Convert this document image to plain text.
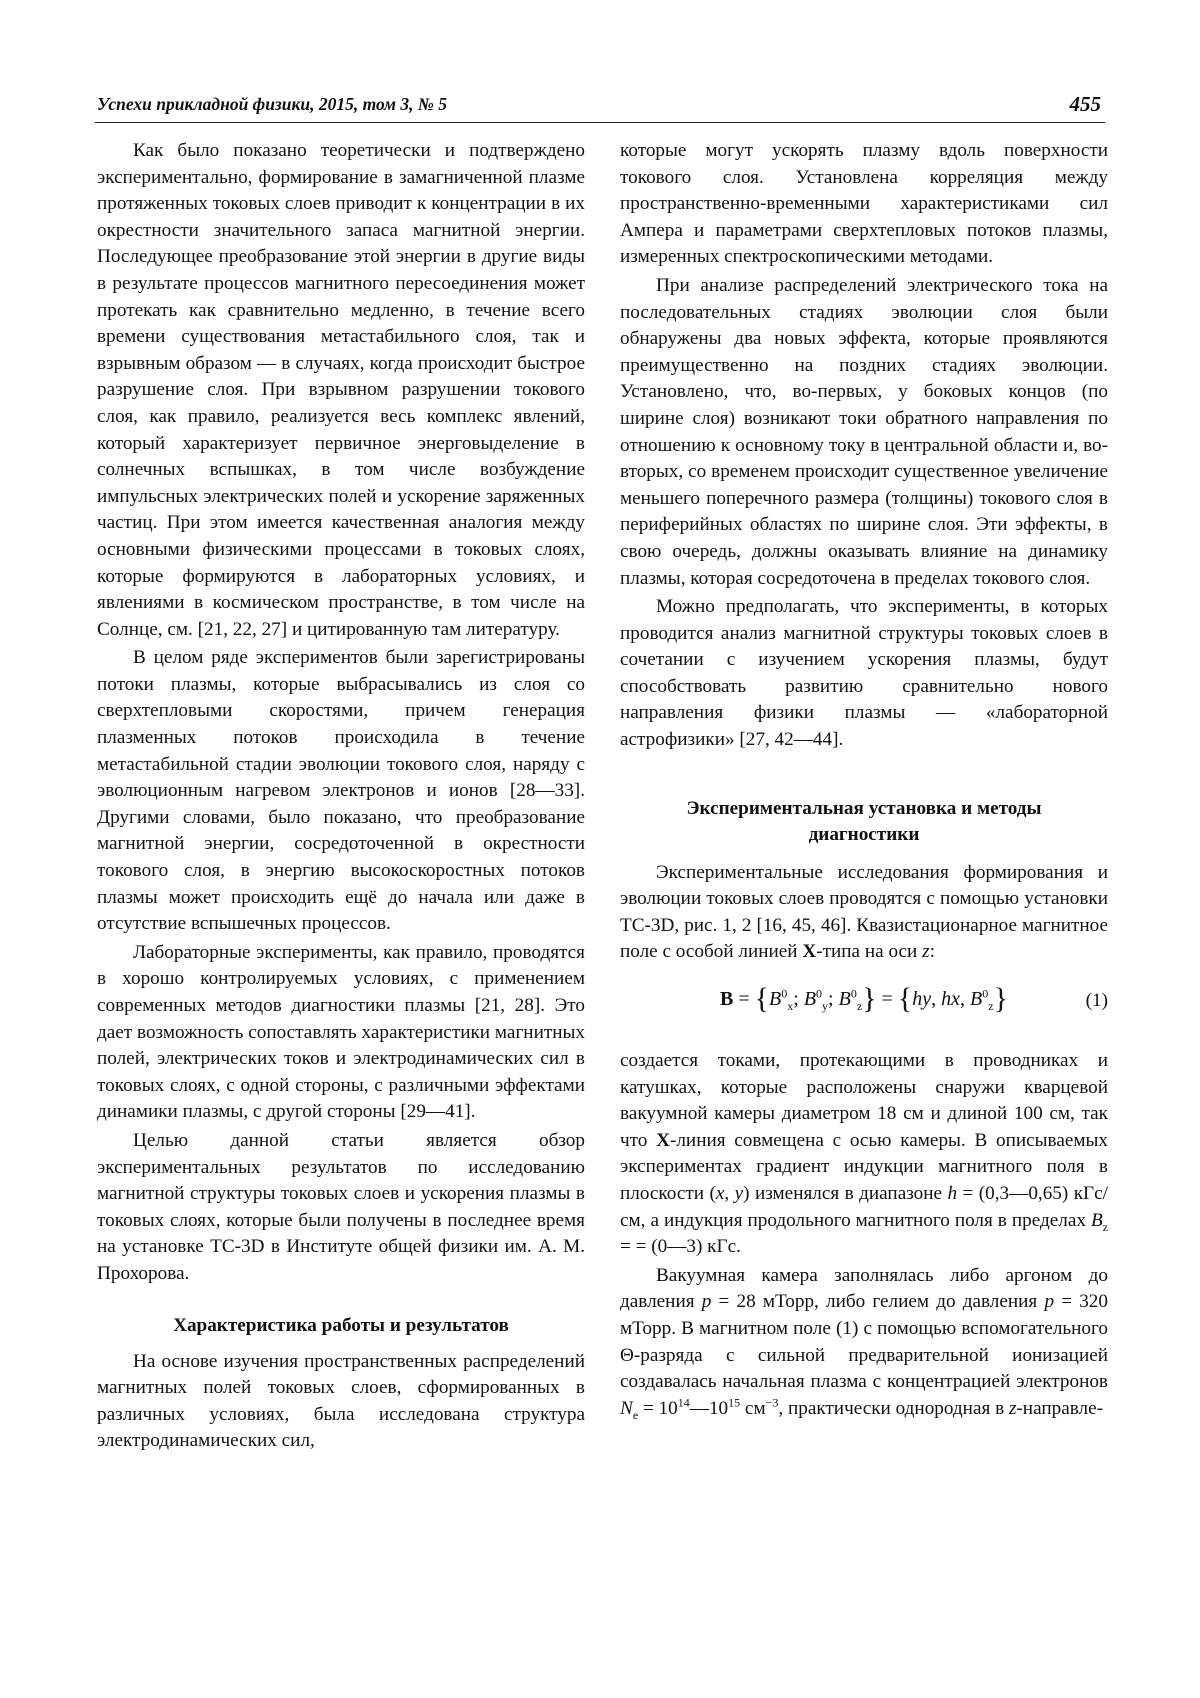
Успехи прикладной физики, 2015, том 3, № 5	455

Как было показано теоретически и подтверждено экспериментально, формирование в замагниченной плазме протяженных токовых слоев приводит к концентрации в их окрестности значительного запаса магнитной энергии. Последующее преобразование этой энергии в другие виды в результате процессов магнитного пересоединения может протекать как сравнительно медленно, в течение всего времени существования метастабильного слоя, так и взрывным образом — в случаях, когда происходит быстрое разрушение слоя. При взрывном разрушении токового слоя, как правило, реализуется весь комплекс явлений, который характеризует первичное энерговыделение в солнечных вспышках, в том числе возбуждение импульсных электрических полей и ускорение заряженных частиц. При этом имеется качественная аналогия между основными физическими процессами в токовых слоях, которые формируются в лабораторных условиях, и явлениями в космическом пространстве, в том числе на Солнце, см. [21, 22, 27] и цитированную там литературу.

В целом ряде экспериментов были зарегистрированы потоки плазмы, которые выбрасывались из слоя со сверхтепловыми скоростями, причем генерация плазменных потоков происходила в течение метастабильной стадии эволюции токового слоя, наряду с эволюционным нагревом электронов и ионов [28—33]. Другими словами, было показано, что преобразование магнитной энергии, сосредоточенной в окрестности токового слоя, в энергию высокоскоростных потоков плазмы может происходить ещё до начала или даже в отсутствие вспышечных процессов.

Лабораторные эксперименты, как правило, проводятся в хорошо контролируемых условиях, с применением современных методов диагностики плазмы [21, 28]. Это дает возможность сопоставлять характеристики магнитных полей, электрических токов и электродинамических сил в токовых слоях, с одной стороны, с различными эффектами динамики плазмы, с другой стороны [29—41].

Целью данной статьи является обзор экспериментальных результатов по исследованию магнитной структуры токовых слоев и ускорения плазмы в токовых слоях, которые были получены в последнее время на установке ТС-3D в Институте общей физики им. А. М. Прохорова.

Характеристика работы и результатов

На основе изучения пространственных распределений магнитных полей токовых слоев, сформированных в различных условиях, была исследована структура электродинамических сил,

которые могут ускорять плазму вдоль поверхности токового слоя. Установлена корреляция между пространственно-временными характеристиками сил Ампера и параметрами сверхтепловых потоков плазмы, измеренных спектроскопическими методами.

При анализе распределений электрического тока на последовательных стадиях эволюции слоя были обнаружены два новых эффекта, которые проявляются преимущественно на поздних стадиях эволюции. Установлено, что, во-первых, у боковых концов (по ширине слоя) возникают токи обратного направления по отношению к основному току в центральной области и, во-вторых, со временем происходит существенное увеличение меньшего поперечного размера (толщины) токового слоя в периферийных областях по ширине слоя. Эти эффекты, в свою очередь, должны оказывать влияние на динамику плазмы, которая сосредоточена в пределах токового слоя.

Можно предполагать, что эксперименты, в которых проводится анализ магнитной структуры токовых слоев в сочетании с изучением ускорения плазмы, будут способствовать развитию сравнительно нового направления физики плазмы — «лабораторной астрофизики» [27, 42—44].

Экспериментальная установка и методы диагностики

Экспериментальные исследования формирования и эволюции токовых слоев проводятся с помощью установки ТС-3D, рис. 1, 2 [16, 45, 46]. Квазистационарное магнитное поле с особой линией X-типа на оси z:

$B = \{B^0_x$; $B^0_y$; $B^0_z\} = \{hy$, hx, $B^0_z$}	(1)

создается токами, протекающими в проводниках и катушках, которые расположены снаружи кварцевой вакуумной камеры диаметром 18 см и длиной 100 см, так что X-линия совмещена с осью камеры. В описываемых экспериментах градиент индукции магнитного поля в плоскости (x, y) изменялся в диапазоне h = (0,3—0,65) кГс/см, а индукция продольного магнитного поля в пределах $B_z$ = = (0—3) кГс.

Вакуумная камера заполнялась либо аргоном до давления p = 28 мТорр, либо гелием до давления p = 320 мТорр. В магнитном поле (1) с помощью вспомогательного Θ-разряда с сильной предварительной ионизацией создавалась начальная плазма с концентрацией электронов $N_e$ = $10^{14}—10^{15}$ $см^{-3}$, практически однородная в z-направле-
